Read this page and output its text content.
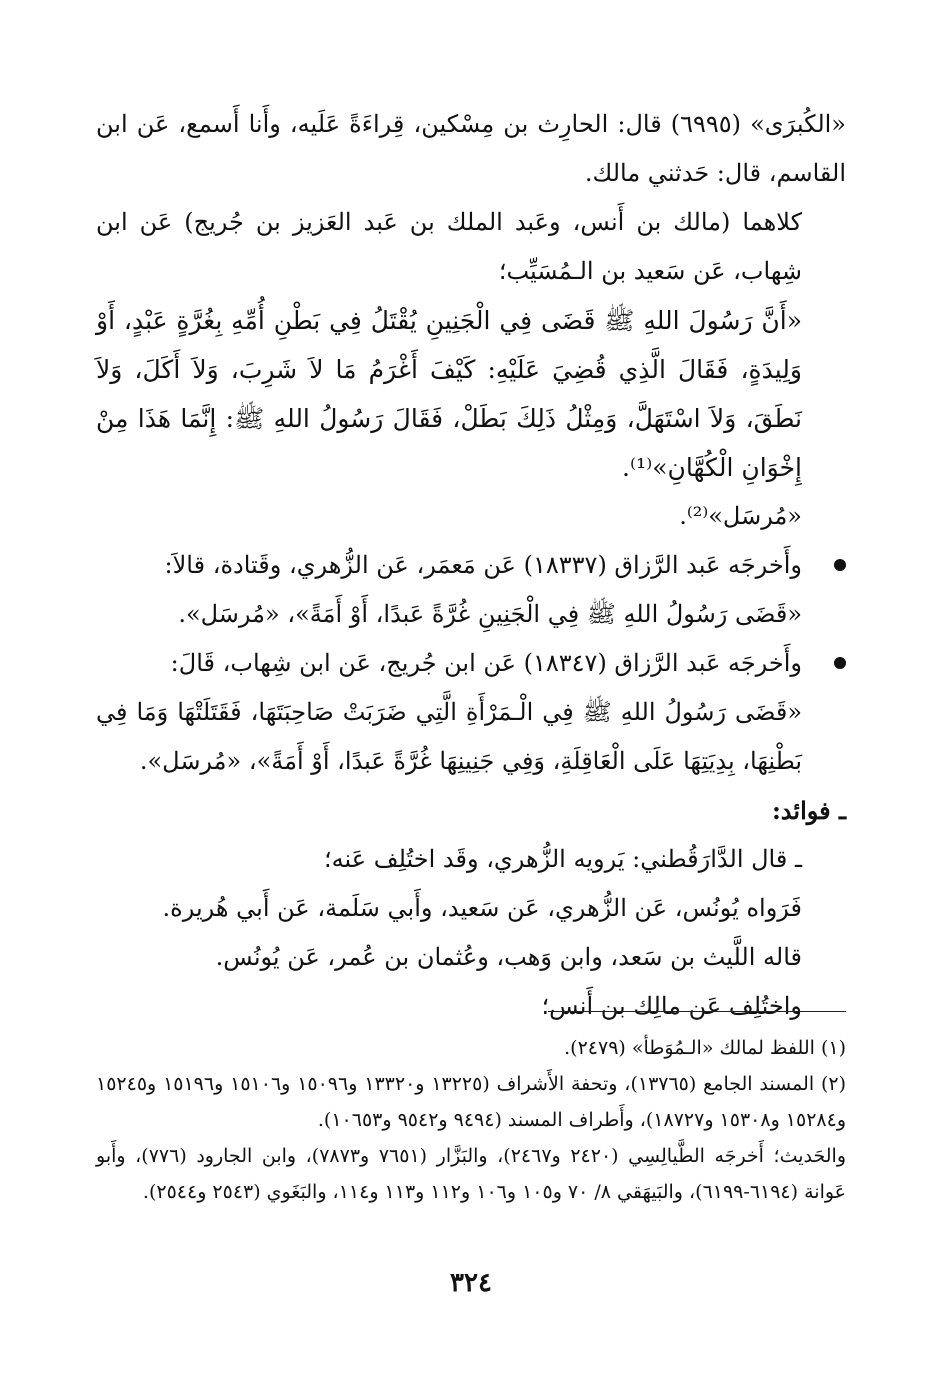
«الكُبرَى» (٦٩٩٥) قال: الحارِث بن مِسْكين، قِراءَةً عَلَيه، وأَنا أَسمع، عَن ابن القاسم، قال: حَدثني مالك.

كلاهما (مالك بن أَنس، وعَبد الملك بن عَبد العَزيز بن جُريج) عَن ابن شِهاب، عَن سَعيد بن الـمُسَيِّب؛

«أَنَّ رَسُولَ اللهِ ﷺ قَضَى فِي الْجَنِينِ يُقْتَلُ فِي بَطْنِ أُمِّهِ بِغُرَّةٍ عَبْدٍ، أَوْ وَلِيدَةٍ، فَقَالَ الَّذِي قُضِيَ عَلَيْهِ: كَيْفَ أَغْرَمُ مَا لاَ شَرِبَ، وَلاَ أَكَلَ، وَلاَ نَطَقَ، وَلاَ اسْتَهَلَّ، وَمِثْلُ ذَلِكَ بَطَلْ، فَقَالَ رَسُولُ اللهِ ﷺ: إِنَّمَا هَذَا مِنْ إِخْوَانِ الْكُهَّانِ»⁽¹⁾.

«مُرسَل»⁽²⁾.

وأَخرجَه عَبد الرَّزاق (١٨٣٣٧) عَن مَعمَر، عَن الزُّهري، وقَتادة، قالاَ:

«قَضَى رَسُولُ اللهِ ﷺ فِي الْجَنِينِ غُرَّةً عَبدًا، أَوْ أَمَةً»، «مُرسَل».

وأَخرجَه عَبد الرَّزاق (١٨٣٤٧) عَن ابن جُريج، عَن ابن شِهاب، قَالَ:

«قَضَى رَسُولُ اللهِ ﷺ فِي الْـمَرْأَةِ الَّتِي ضَرَبَتْ صَاحِبَتَهَا، فَقَتَلَتْهَا وَمَا فِي بَطْنِهَا، بِدِيَتِهَا عَلَى الْعَاقِلَةِ، وَفِي جَنِينِهَا غُرَّةً عَبدًا، أَوْ أَمَةً»، «مُرسَل».

ـ فوائد:

ـ قال الدَّارَقُطني: يَرويه الزُّهري، وقَد اختُلِف عَنه؛

فَرَواه يُونُس، عَن الزُّهري، عَن سَعيد، وأَبي سَلَمة، عَن أَبي هُريرة.

قاله اللَّيث بن سَعد، وابن وَهب، وعُثمان بن عُمر، عَن يُونُس.

واختُلِف عَن مالِك بن أَنس؛

(١) اللفظ لمالك «الـمُوَطأ» (٢٤٧٩).

(٢) المسند الجامع (١٣٧٦٥)، وتحفة الأَشراف (١٣٢٢٥ و١٣٣٢٠ و١٥٠٩٦ و١٥١٠٦ و١٥١٩٦ و١٥٢٤٥ و١٥٢٨٤ و١٥٣٠٨ و١٨٧٢٧)، وأَطراف المسند (٩٤٩٤ و٩٥٤٢ و١٠٦٥٣).

والحَديث؛ أَخرجَه الطَّيالِسِي (٢٤٢٠ و٢٤٦٧)، والبَزَّار (٧٦٥١ و٧٨٧٣)، وابن الجارود (٧٧٦)، وأَبو عَوانة (٦١٩٤-٦١٩٩)، والبَيهَقي ٨/ ٧٠ و١٠٥ و١٠٦ و١١٢ و١١٣ و١١٤، والبَغَوي (٢٥٤٣ و٢٥٤٤).

٣٢٤
